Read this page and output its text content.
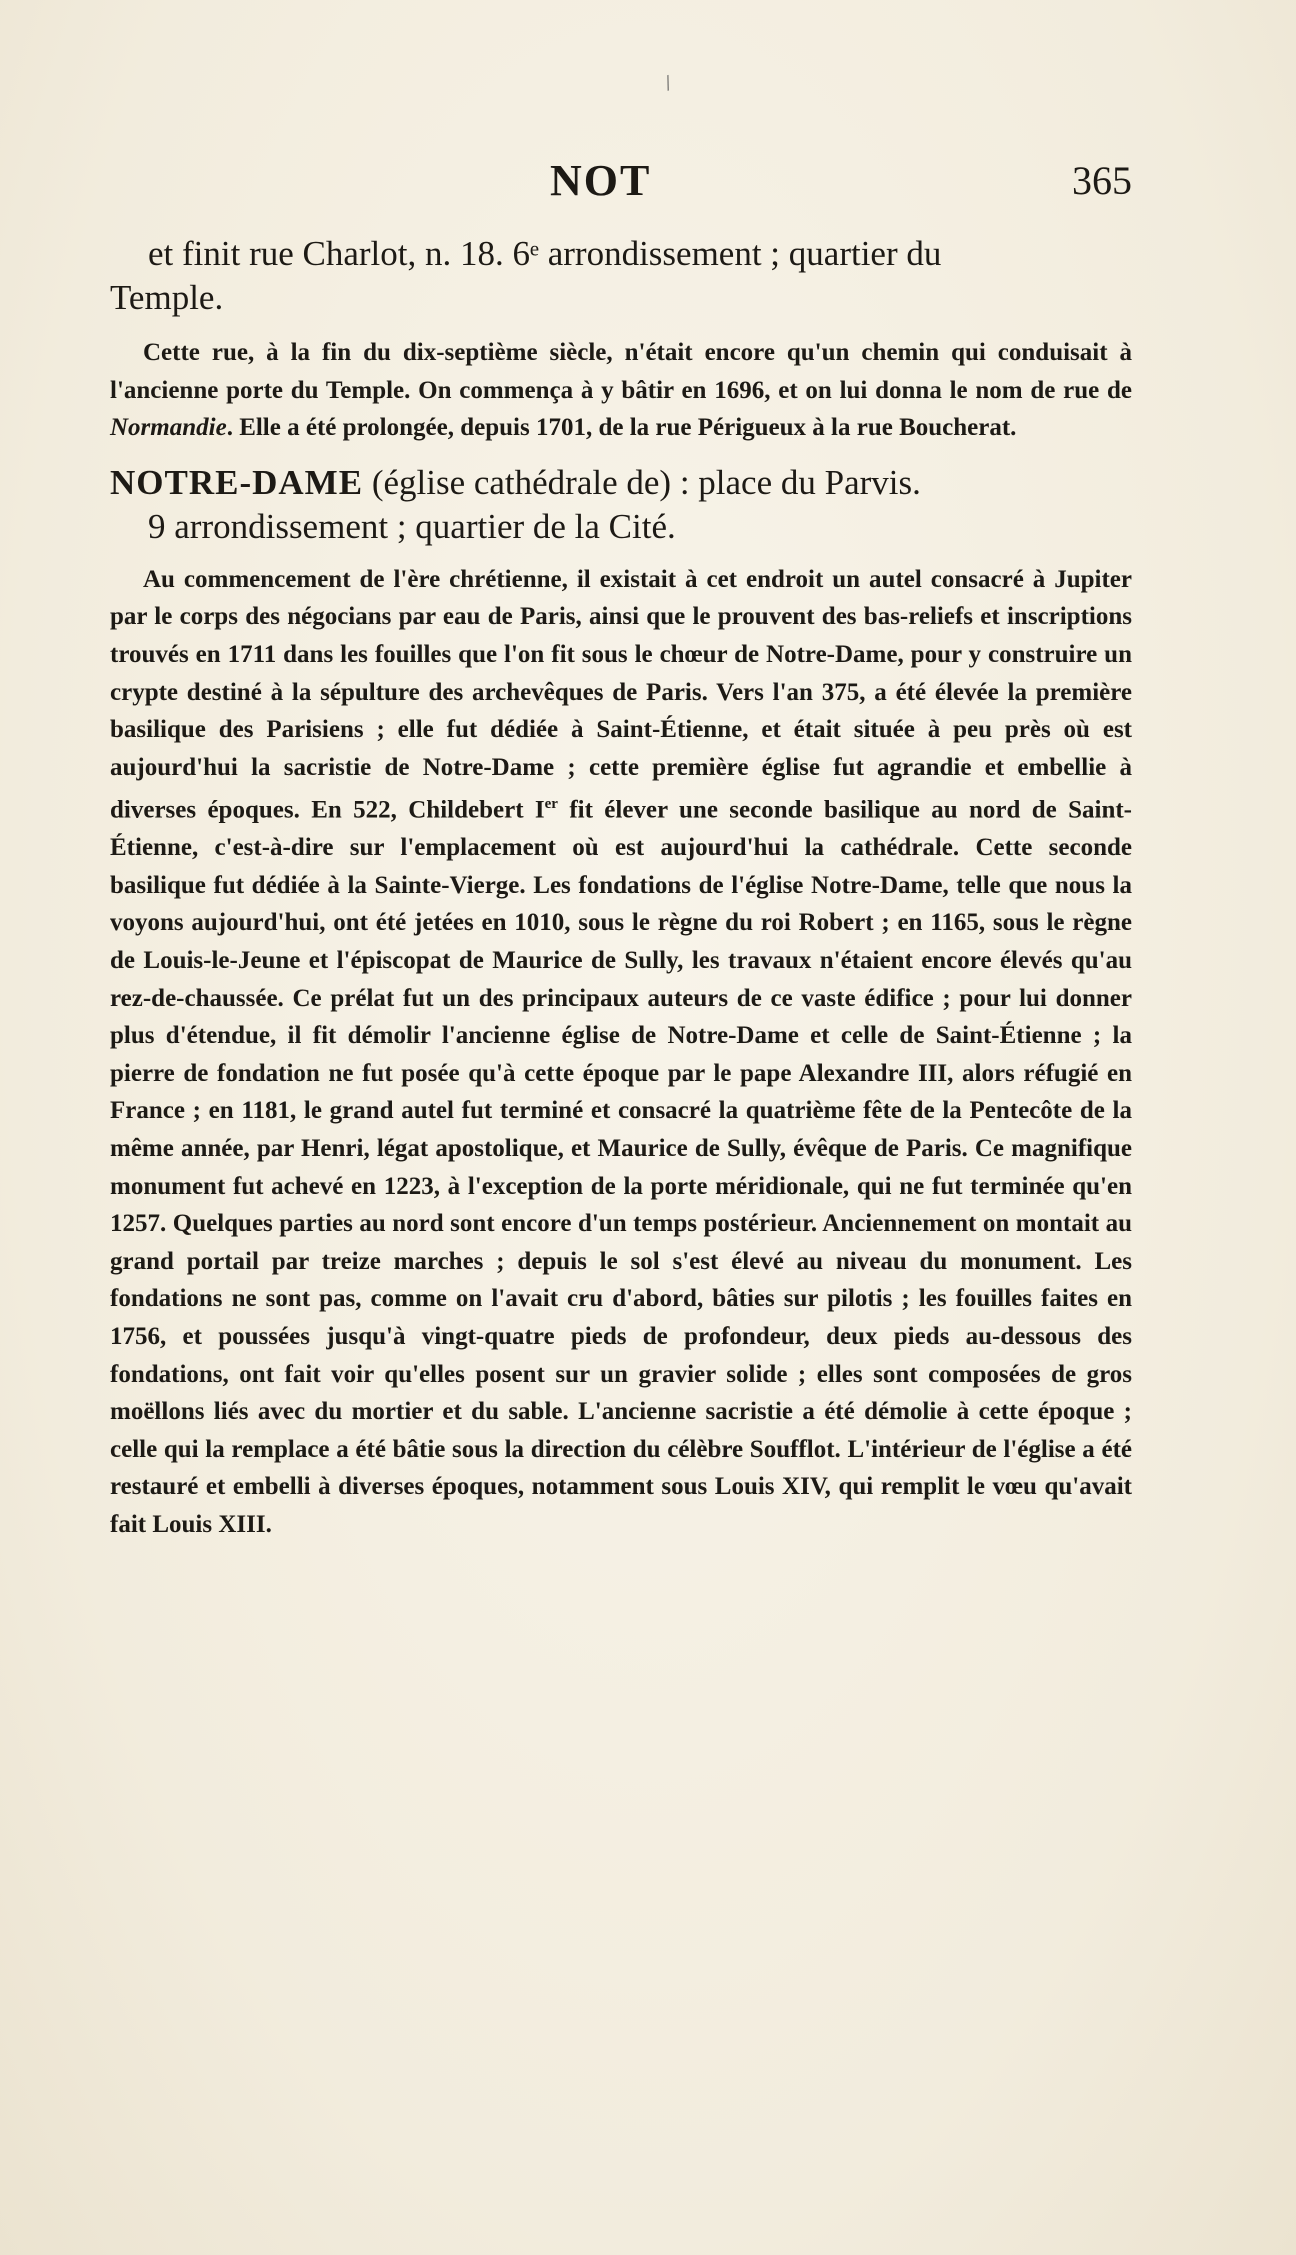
/
NOT	365

et finit rue Charlot, n. 18. 6ᵉ arrondissement ; quartier du
Temple.

Cette rue, à la fin du dix-septième siècle, n'était encore qu'un chemin qui conduisait à l'ancienne porte du Temple. On commença à y bâtir en 1696, et on lui donna le nom de rue de Normandie. Elle a été prolongée, depuis 1701, de la rue Périgueux à la rue Boucherat.

NOTRE-DAME (église cathédrale de) : place du Parvis.
9 arrondissement ; quartier de la Cité.

Au commencement de l'ère chrétienne, il existait à cet endroit un autel consacré à Jupiter par le corps des négocians par eau de Paris, ainsi que le prouvent des bas-reliefs et inscriptions trouvés en 1711 dans les fouilles que l'on fit sous le chœur de Notre-Dame, pour y construire un crypte destiné à la sépulture des archevêques de Paris. Vers l'an 375, a été élevée la première basilique des Parisiens ; elle fut dédiée à Saint-Étienne, et était située à peu près où est aujourd'hui la sacristie de Notre-Dame ; cette première église fut agrandie et embellie à diverses époques. En 522, Childebert Ier fit élever une seconde basilique au nord de Saint-Étienne, c'est-à-dire sur l'emplacement où est aujourd'hui la cathédrale. Cette seconde basilique fut dédiée à la Sainte-Vierge. Les fondations de l'église Notre-Dame, telle que nous la voyons aujourd'hui, ont été jetées en 1010, sous le règne du roi Robert ; en 1165, sous le règne de Louis-le-Jeune et l'épiscopat de Maurice de Sully, les travaux n'étaient encore élevés qu'au rez-de-chaussée. Ce prélat fut un des principaux auteurs de ce vaste édifice ; pour lui donner plus d'étendue, il fit démolir l'ancienne église de Notre-Dame et celle de Saint-Étienne ; la pierre de fondation ne fut posée qu'à cette époque par le pape Alexandre III, alors réfugié en France ; en 1181, le grand autel fut terminé et consacré la quatrième fête de la Pentecôte de la même année, par Henri, légat apostolique, et Maurice de Sully, évêque de Paris. Ce magnifique monument fut achevé en 1223, à l'exception de la porte méridionale, qui ne fut terminée qu'en 1257. Quelques parties au nord sont encore d'un temps postérieur. Anciennement on montait au grand portail par treize marches ; depuis le sol s'est élevé au niveau du monument. Les fondations ne sont pas, comme on l'avait cru d'abord, bâties sur pilotis ; les fouilles faites en 1756, et poussées jusqu'à vingt-quatre pieds de profondeur, deux pieds au-dessous des fondations, ont fait voir qu'elles posent sur un gravier solide ; elles sont composées de gros moëllons liés avec du mortier et du sable. L'ancienne sacristie a été démolie à cette époque ; celle qui la remplace a été bâtie sous la direction du célèbre Soufflot. L'intérieur de l'église a été restauré et embelli à diverses époques, notamment sous Louis XIV, qui remplit le vœu qu'avait fait Louis XIII.
